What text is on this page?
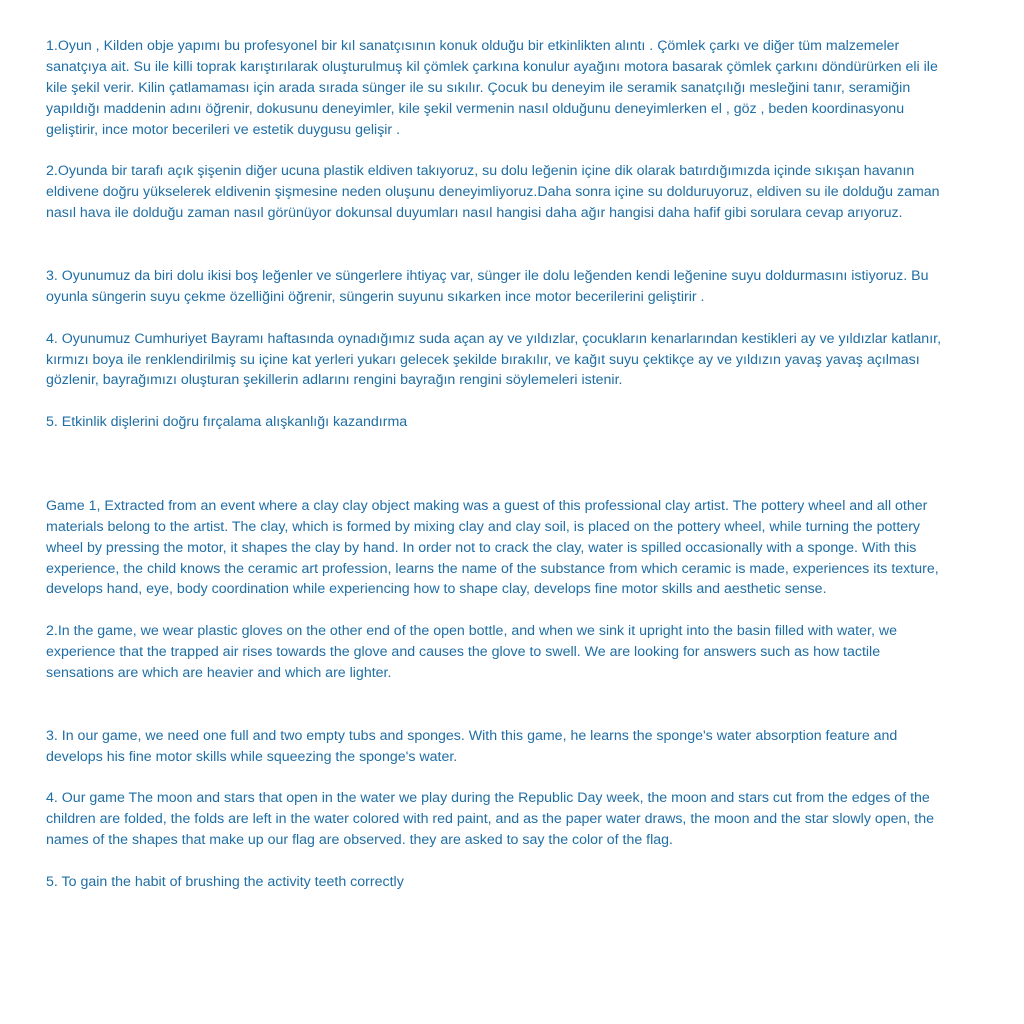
1.Oyun , Kilden obje yapımı bu profesyonel bir kıl sanatçısının konuk olduğu bir etkinlikten alıntı . Çömlek çarkı ve diğer tüm malzemeler sanatçıya ait. Su ile killi toprak karıştırılarak oluşturulmuş kil çömlek çarkına konulur ayağını motora basarak çömlek çarkını döndürürken eli ile kile şekil verir. Kilin çatlamaması için arada sırada sünger ile su sıkılır. Çocuk bu deneyim ile seramik sanatçılığı mesleğini tanır, seramiğin yapıldığı maddenin adını öğrenir, dokusunu deneyimler, kile şekil vermenin nasıl olduğunu deneyimlerken el , göz , beden koordinasyonu geliştirir, ince motor becerileri ve estetik duygusu gelişir .

2.Oyunda bir tarafı açık şişenin diğer ucuna plastik eldiven takıyoruz, su dolu leğenin içine dik olarak batırdığımızda içinde sıkışan havanın eldivene doğru yükselerek eldivenin şişmesine neden oluşunu deneyimliyoruz.Daha sonra içine su dolduruyoruz, eldiven su ile dolduğu zaman nasıl hava ile dolduğu zaman nasıl görünüyor dokunsal duyumları nasıl hangisi daha ağır hangisi daha hafif gibi sorulara cevap arıyoruz.

3. Oyunumuz da biri dolu ikisi boş leğenler ve süngerlere ihtiyaç var, sünger ile dolu leğenden kendi leğenine suyu doldurmasını istiyoruz. Bu oyunla süngerin suyu çekme özelliğini öğrenir, süngerin suyunu sıkarken ince motor becerilerini geliştirir .

4. Oyunumuz Cumhuriyet Bayramı haftasında oynadığımız suda açan ay ve yıldızlar, çocukların kenarlarından kestikleri ay ve yıldızlar katlanır, kırmızı boya ile renklendirilmiş su içine kat yerleri yukarı gelecek şekilde bırakılır, ve kağıt suyu çektikçe ay ve yıldızın yavaş yavaş açılması gözlenir, bayrağımızı oluşturan şekillerin adlarını rengini bayrağın rengini söylemeleri istenir.

5. Etkinlik dişlerini doğru fırçalama alışkanlığı kazandırma

Game 1, Extracted from an event where a clay clay object making was a guest of this professional clay artist. The pottery wheel and all other materials belong to the artist. The clay, which is formed by mixing clay and clay soil, is placed on the pottery wheel, while turning the pottery wheel by pressing the motor, it shapes the clay by hand. In order not to crack the clay, water is spilled occasionally with a sponge. With this experience, the child knows the ceramic art profession, learns the name of the substance from which ceramic is made, experiences its texture, develops hand, eye, body coordination while experiencing how to shape clay, develops fine motor skills and aesthetic sense.

2.In the game, we wear plastic gloves on the other end of the open bottle, and when we sink it upright into the basin filled with water, we experience that the trapped air rises towards the glove and causes the glove to swell. We are looking for answers such as how tactile sensations are which are heavier and which are lighter.

3. In our game, we need one full and two empty tubs and sponges. With this game, he learns the sponge's water absorption feature and develops his fine motor skills while squeezing the sponge's water.

4. Our game The moon and stars that open in the water we play during the Republic Day week, the moon and stars cut from the edges of the children are folded, the folds are left in the water colored with red paint, and as the paper water draws, the moon and the star slowly open, the names of the shapes that make up our flag are observed. they are asked to say the color of the flag.

5. To gain the habit of brushing the activity teeth correctly
